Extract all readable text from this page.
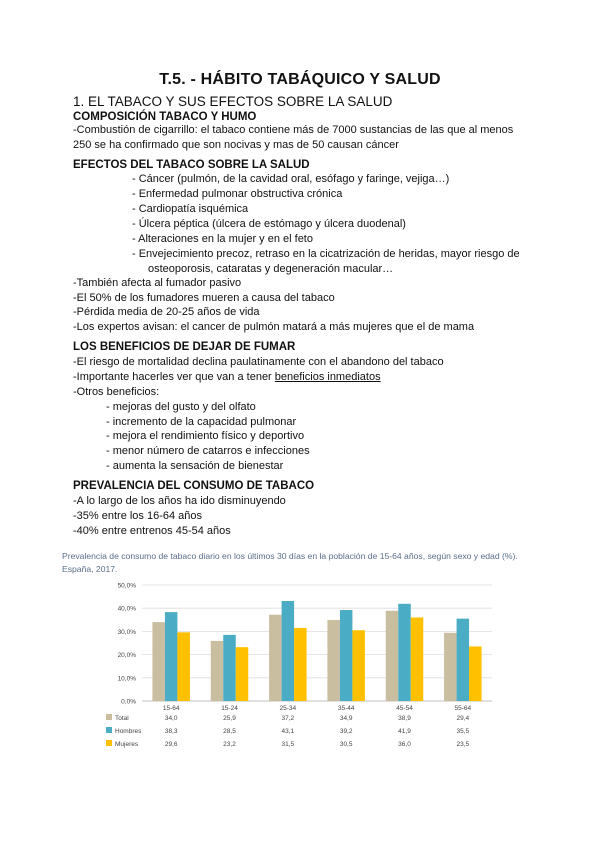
T.5. - HÁBITO TABÁQUICO Y SALUD
1. EL TABACO Y SUS EFECTOS SOBRE LA SALUD
COMPOSICIÓN TABACO Y HUMO
-Combustión de cigarrillo: el tabaco contiene más de 7000 sustancias de las que al menos
250 se ha confirmado que son nocivas y mas de 50 causan cáncer
EFECTOS DEL TABACO SOBRE LA SALUD
- Cáncer (pulmón, de la cavidad oral, esófago y faringe, vejiga…)
- Enfermedad pulmonar obstructiva crónica
- Cardiopatía isquémica
- Úlcera péptica (úlcera de estómago y úlcera duodenal)
- Alteraciones en la mujer y en el feto
- Envejecimiento precoz, retraso en la cicatrización de heridas, mayor riesgo de
osteoporosis, cataratas y degeneración macular…
-También afecta al fumador pasivo
-El 50% de los fumadores mueren a causa del tabaco
-Pérdida media de 20-25 años de vida
-Los expertos avisan: el cancer de pulmón matará a más mujeres que el de mama
LOS BENEFICIOS DE DEJAR DE FUMAR
-El riesgo de mortalidad declina paulatinamente con el abandono del tabaco
-Importante hacerles ver que van a tener beneficios inmediatos
-Otros beneficios:
- mejoras del gusto y del olfato
- incremento de la capacidad pulmonar
- mejora el rendimiento físico y deportivo
- menor número de catarros e infecciones
- aumenta la sensación de bienestar
PREVALENCIA DEL CONSUMO DE TABACO
-A lo largo de los años ha ido disminuyendo
-35% entre los 16-64 años
-40% entre entrenos 45-54 años
Prevalencia de consumo de tabaco diario en los últimos 30 días en la población de 15-64 años, según sexo y edad (%). España, 2017.
0,0%
10,0%
20,0%
30,0%
40,0%
50,0%
15-64	15-24	25-34	35-44	45-54	55-64
Total	34,0	25,9	37,2	34,9	38,9	29,4
Hombres	38,3	28,5	43,1	39,2	41,9	35,5
Mujeres	29,6	23,2	31,5	30,5	36,0	23,5
